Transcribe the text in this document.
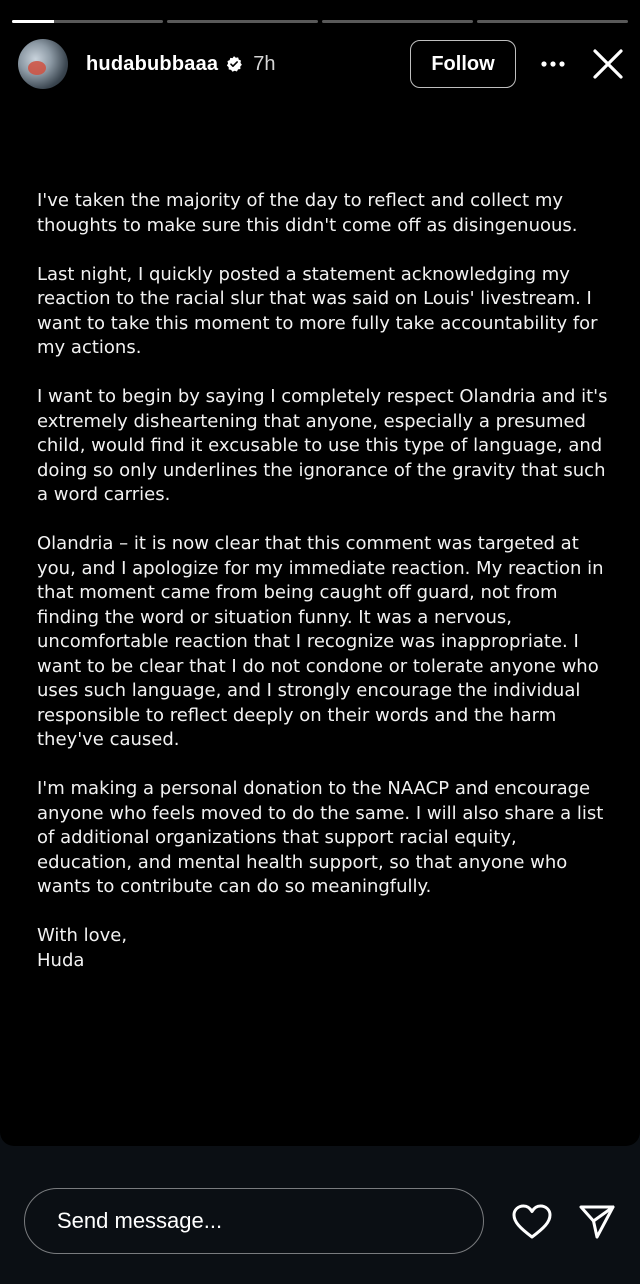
hudabubbaaa 7h	Follow

I've taken the majority of the day to reflect and collect my thoughts to make sure this didn't come off as disingenuous.

Last night, I quickly posted a statement acknowledging my reaction to the racial slur that was said on Louis' livestream. I want to take this moment to more fully take accountability for my actions.

I want to begin by saying I completely respect Olandria and it's extremely disheartening that anyone, especially a presumed child, would find it excusable to use this type of language, and doing so only underlines the ignorance of the gravity that such a word carries.

Olandria – it is now clear that this comment was targeted at you, and I apologize for my immediate reaction. My reaction in that moment came from being caught off guard, not from finding the word or situation funny. It was a nervous, uncomfortable reaction that I recognize was inappropriate. I want to be clear that I do not condone or tolerate anyone who uses such language, and I strongly encourage the individual responsible to reflect deeply on their words and the harm they've caused.

I'm making a personal donation to the NAACP and encourage anyone who feels moved to do the same. I will also share a list of additional organizations that support racial equity, education, and mental health support, so that anyone who wants to contribute can do so meaningfully.

With love,
Huda
Send message...
